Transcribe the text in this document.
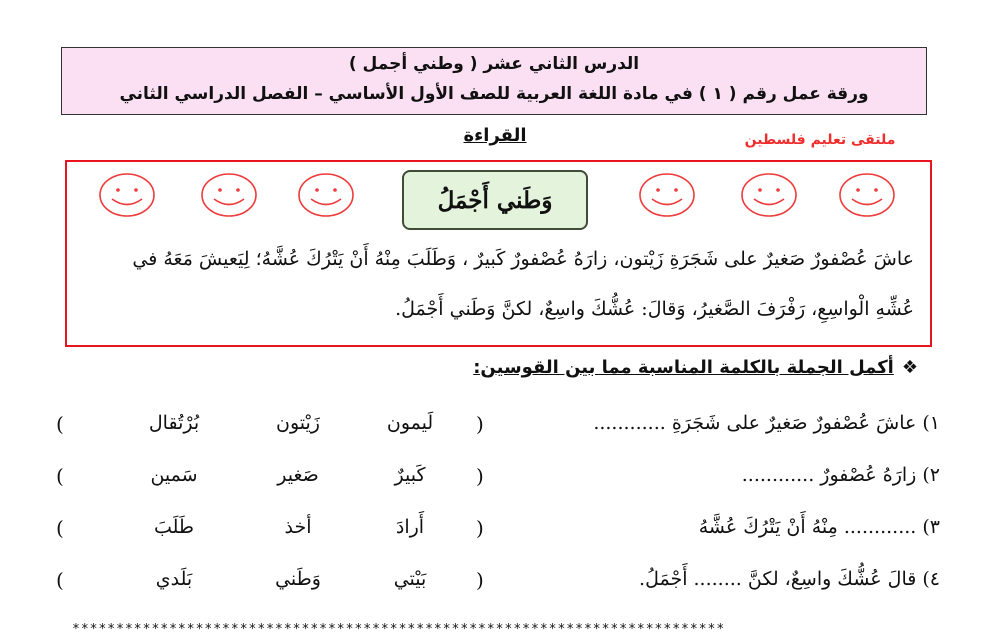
الدرس الثاني عشر ( وطني أجمل )
ورقة عمل رقم ( ١ ) في مادة اللغة العربية للصف الأول الأساسي – الفصل الدراسي الثاني
القراءة	ملتقى تعليم فلسطين
وَطَني أَجْمَلُ
عاشَ عُصْفورٌ صَغيرٌ على شَجَرَةِ زَيْتون، زارَهُ عُصْفورٌ كَبيرٌ ، وَطَلَبَ مِنْهُ أَنْ يَتْرُكَ عُشَّهُ؛ لِيَعيشَ مَعَهُ في
عُشِّهِ الْواسِعِ، رَفْرَفَ الصَّغيرُ، وَقالَ: عُشُّكَ واسِعٌ، لكنَّ وَطَني أَجْمَلُ.
❖أكمل الجملة بالكلمة المناسبة مما بين القوسين:
١) عاشَ عُصْفورٌ صَغيرٌ على شَجَرَةِ ............
(
لَيمون
زَيْتون
بُرْتُقال
)
٢) زارَهُ عُصْفورٌ ............
(
كَبيرٌ
صَغير
سَمين
)
٣) ............ مِنْهُ أَنْ يَتْرُكَ عُشَّهُ
(
أَرادَ
أخذ
طَلَبَ
)
٤) قالَ عُشُّكَ واسِعٌ، لكنَّ ........ أَجْمَلُ.
(
بَيْتي
وَطَني
بَلَدي
)
**************************************************************************
